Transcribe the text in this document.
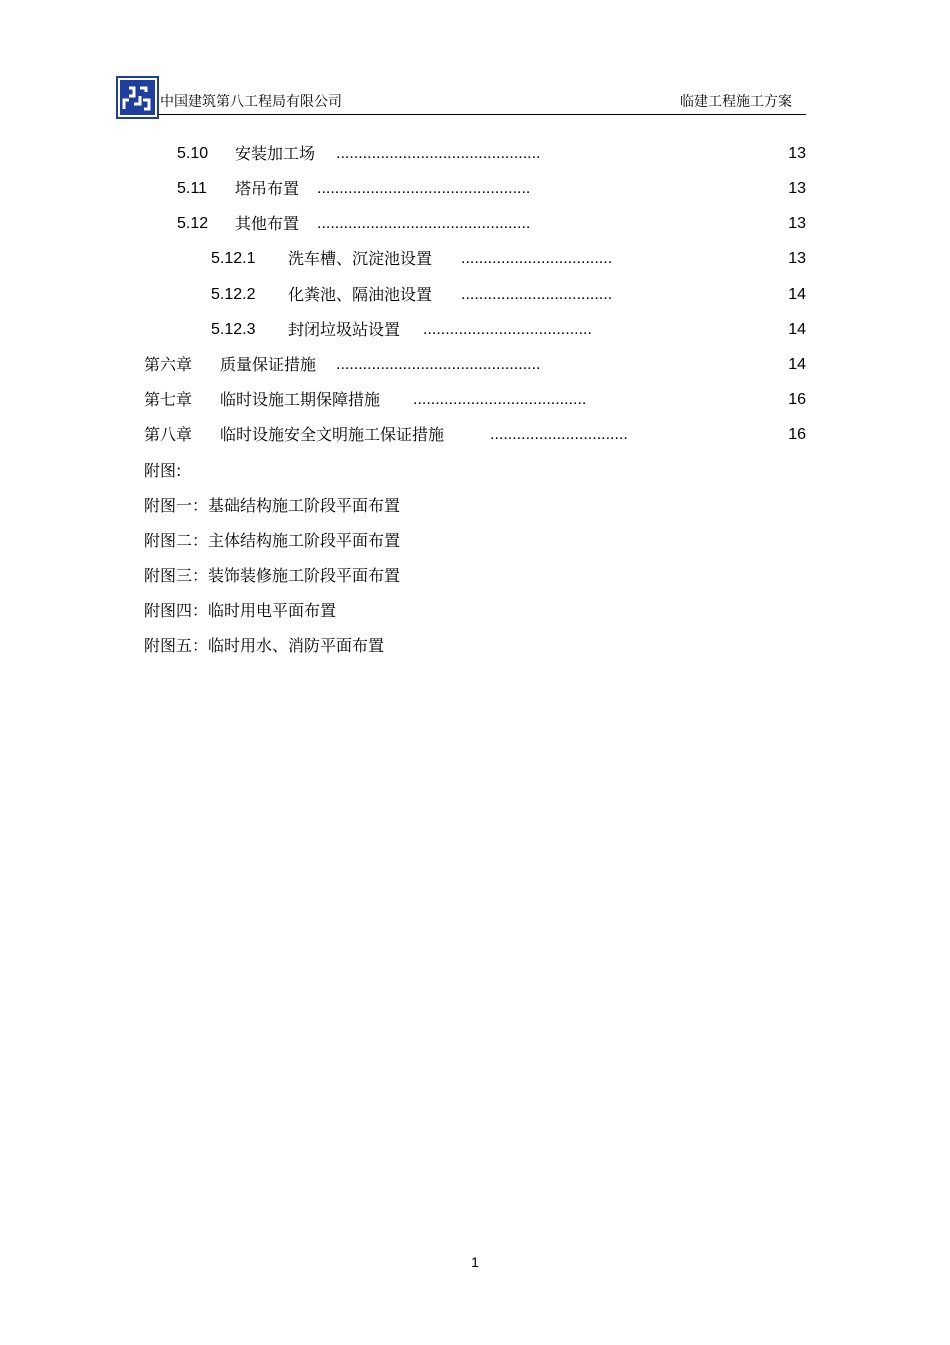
中国建筑第八工程局有限公司	临建工程施工方案
5.10 安装加工场 ..............................................	13
5.11 塔吊布置 ................................................	13
5.12 其他布置 ................................................	13
5.12.1 洗车槽、沉淀池设置 ..................................	13
5.12.2 化粪池、隔油池设置 ..................................	14
5.12.3 封闭垃圾站设置 ......................................	14
第六章 质量保证措施 ..............................................	14
第七章 临时设施工期保障措施 .......................................	16
第八章 临时设施安全文明施工保证措施	...............................	16
附图:
附图一：基础结构施工阶段平面布置
附图二：主体结构施工阶段平面布置
附图三：装饰装修施工阶段平面布置
附图四：临时用电平面布置
附图五：临时用水、消防平面布置
1
